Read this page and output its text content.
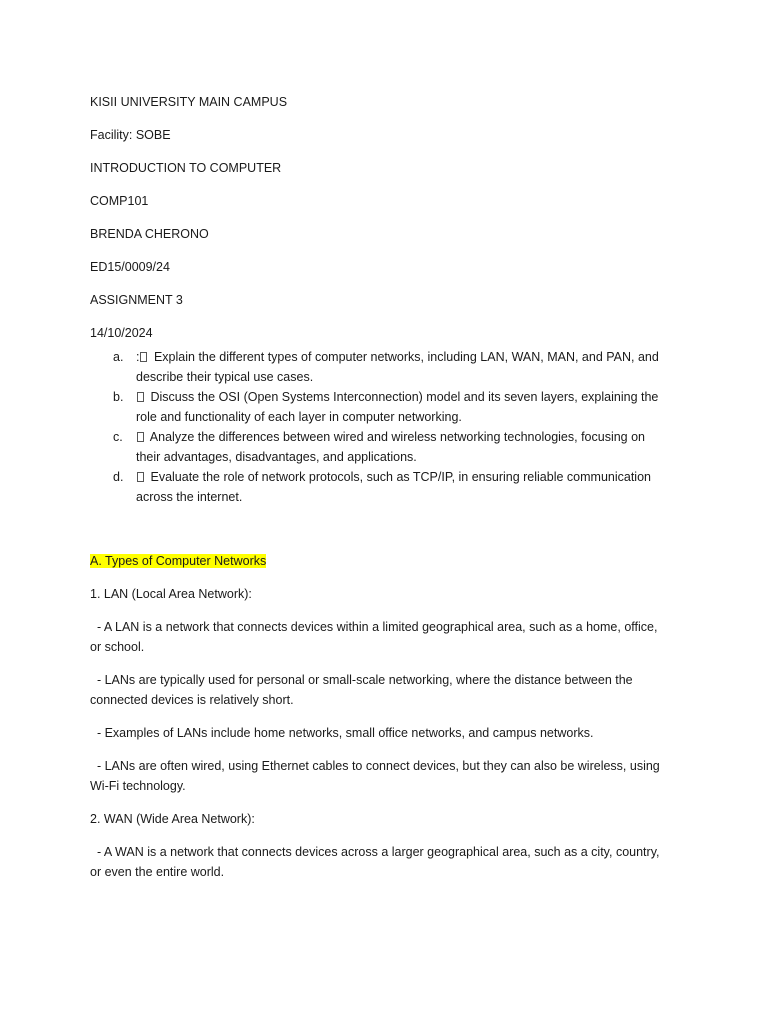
KISII UNIVERSITY MAIN CAMPUS

Facility: SOBE

INTRODUCTION TO COMPUTER

COMP101

BRENDA CHERONO

ED15/0009/24

ASSIGNMENT 3

14/10/2024

a. : Explain the different types of computer networks, including LAN, WAN, MAN, and PAN, and describe their typical use cases.
b. Discuss the OSI (Open Systems Interconnection) model and its seven layers, explaining the role and functionality of each layer in computer networking.
c. Analyze the differences between wired and wireless networking technologies, focusing on their advantages, disadvantages, and applications.
d. Evaluate the role of network protocols, such as TCP/IP, in ensuring reliable communication across the internet.

A. Types of Computer Networks

1. LAN (Local Area Network):

- A LAN is a network that connects devices within a limited geographical area, such as a home, office, or school.

- LANs are typically used for personal or small-scale networking, where the distance between the connected devices is relatively short.

- Examples of LANs include home networks, small office networks, and campus networks.

- LANs are often wired, using Ethernet cables to connect devices, but they can also be wireless, using Wi-Fi technology.

2. WAN (Wide Area Network):

- A WAN is a network that connects devices across a larger geographical area, such as a city, country, or even the entire world.
